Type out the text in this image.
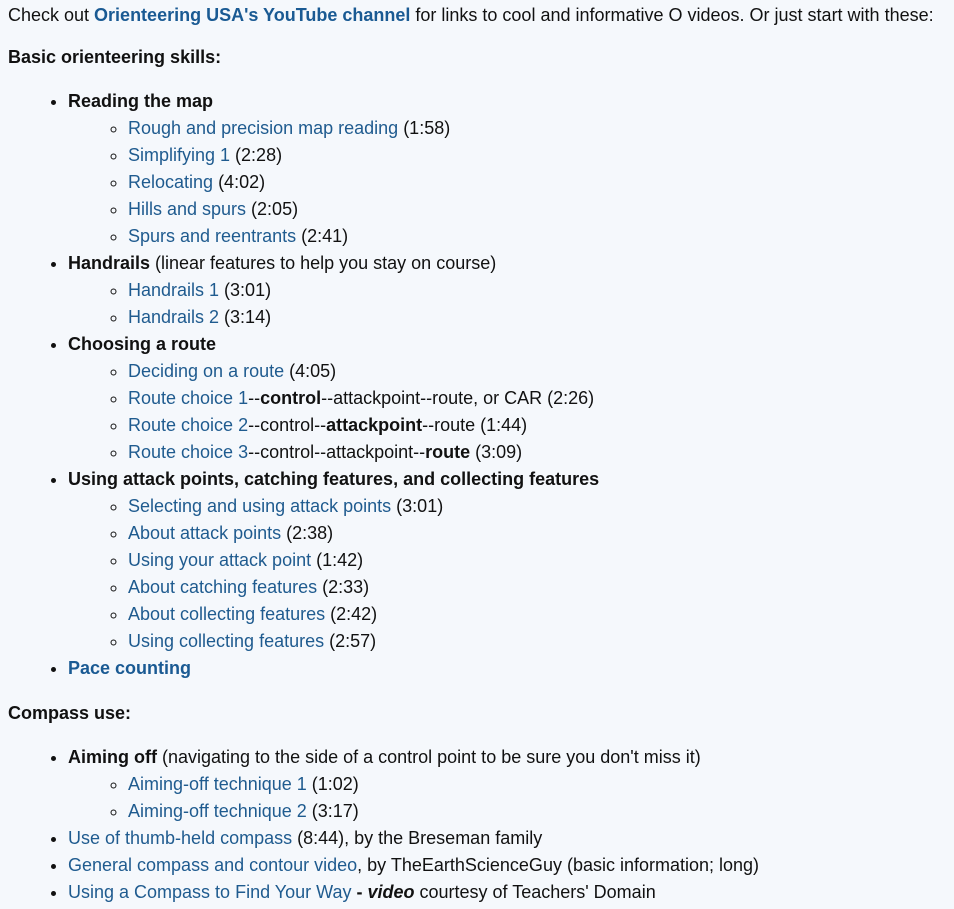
Check out Orienteering USA's YouTube channel for links to cool and informative O videos. Or just start with these:

Basic orienteering skills:

• Reading the map
◦ Rough and precision map reading (1:58)
◦ Simplifying 1 (2:28)
◦ Relocating (4:02)
◦ Hills and spurs (2:05)
◦ Spurs and reentrants (2:41)
• Handrails (linear features to help you stay on course)
◦ Handrails 1 (3:01)
◦ Handrails 2 (3:14)
• Choosing a route
◦ Deciding on a route (4:05)
◦ Route choice 1--control--attackpoint--route, or CAR (2:26)
◦ Route choice 2--control--attackpoint--route (1:44)
◦ Route choice 3--control--attackpoint--route (3:09)
• Using attack points, catching features, and collecting features
◦ Selecting and using attack points (3:01)
◦ About attack points (2:38)
◦ Using your attack point (1:42)
◦ About catching features (2:33)
◦ About collecting features (2:42)
◦ Using collecting features (2:57)
• Pace counting

Compass use:

• Aiming off (navigating to the side of a control point to be sure you don't miss it)
◦ Aiming-off technique 1 (1:02)
◦ Aiming-off technique 2 (3:17)
• Use of thumb-held compass (8:44), by the Breseman family
• General compass and contour video, by TheEarthScienceGuy (basic information; long)
• Using a Compass to Find Your Way - video courtesy of Teachers' Domain
